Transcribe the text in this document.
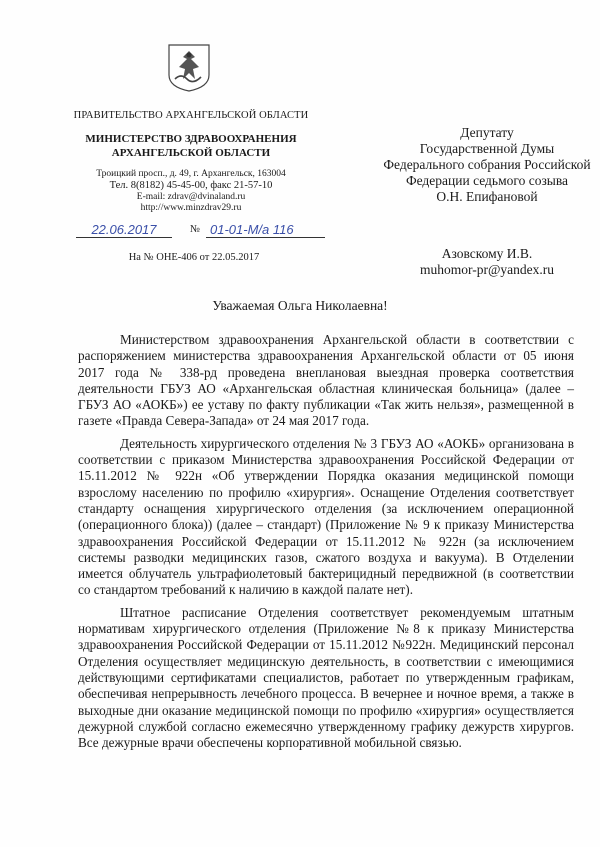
ПРАВИТЕЛЬСТВО АРХАНГЕЛЬСКОЙ ОБЛАСТИ
МИНИСТЕРСТВО ЗДРАВООХРАНЕНИЯ
АРХАНГЕЛЬСКОЙ ОБЛАСТИ
Троицкий просп., д. 49, г. Архангельск, 163004
Тел. 8(8182) 45-45-00, факс 21-57-10
E-mail: zdrav@dvinaland.ru
http://www.minzdrav29.ru
22.06.2017	№ 01-01-М/а 116
На № ОНЕ-406 от 22.05.2017
Депутату
Государственной Думы
Федерального собрания Российской
Федерации седьмого созыва
О.Н. Епифановой
Азовскому И.В.
muhomor-pr@yandex.ru
Уважаемая Ольга Николаевна!

Министерством здравоохранения Архангельской области в соответствии с распоряжением министерства здравоохранения Архангельской области от 05 июня 2017 года № 338-рд проведена внеплановая выездная проверка соответствия деятельности ГБУЗ АО «Архангельская областная клиническая больница» (далее – ГБУЗ АО «АОКБ») ее уставу по факту публикации «Так жить нельзя», размещенной в газете «Правда Севера-Запада» от 24 мая 2017 года.

Деятельность хирургического отделения № 3 ГБУЗ АО «АОКБ» организована в соответствии с приказом Министерства здравоохранения Российской Федерации от 15.11.2012 № 922н «Об утверждении Порядка оказания медицинской помощи взрослому населению по профилю «хирургия». Оснащение Отделения соответствует стандарту оснащения хирургического отделения (за исключением операционной (операционного блока)) (далее – стандарт) (Приложение № 9 к приказу Министерства здравоохранения Российской Федерации от 15.11.2012 № 922н (за исключением системы разводки медицинских газов, сжатого воздуха и вакуума). В Отделении имеется облучатель ультрафиолетовый бактерицидный передвижной (в соответствии со стандартом требований к наличию в каждой палате нет).

Штатное расписание Отделения соответствует рекомендуемым штатным нормативам хирургического отделения (Приложение №8 к приказу Министерства здравоохранения Российской Федерации от 15.11.2012 №922н. Медицинский персонал Отделения осуществляет медицинскую деятельность, в соответствии с имеющимися действующими сертификатами специалистов, работает по утвержденным графикам, обеспечивая непрерывность лечебного процесса. В вечернее и ночное время, а также в выходные дни оказание медицинской помощи по профилю «хирургия» осуществляется дежурной службой согласно ежемесячно утвержденному графику дежурств хирургов. Все дежурные врачи обеспечены корпоративной мобильной связью.
